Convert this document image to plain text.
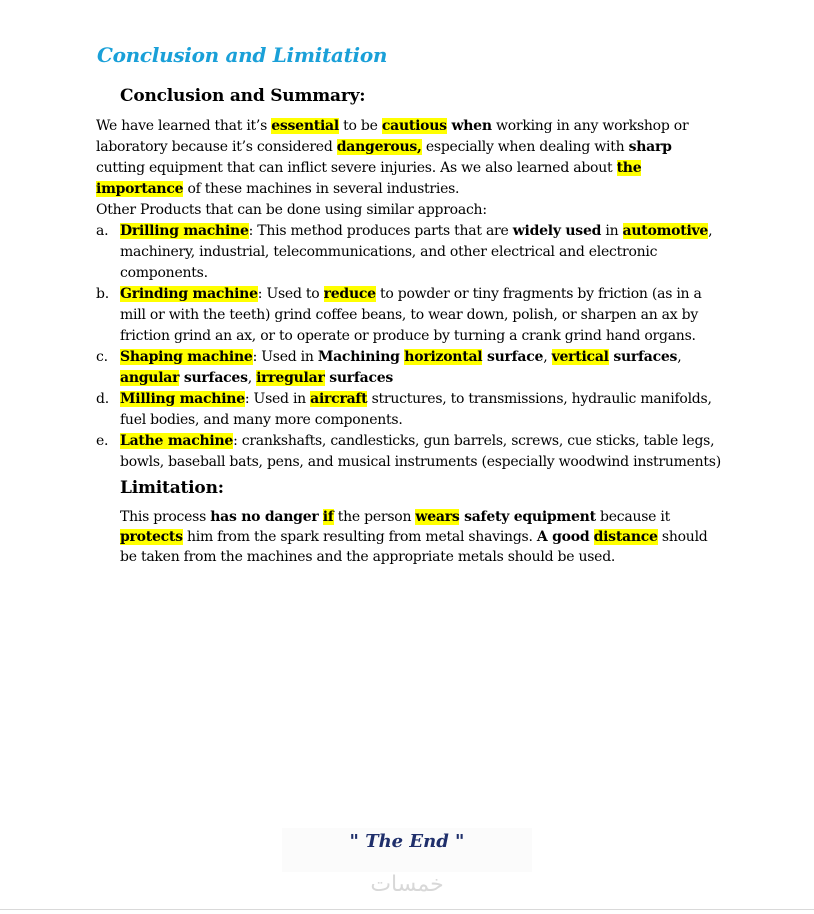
Conclusion and Limitation
Conclusion and Summary:

We have learned that it’s essential to be cautious when working in any workshop or laboratory because it’s considered dangerous, especially when dealing with sharp cutting equipment that can inflict severe injuries. As we also learned about the importance of these machines in several industries.

Other Products that can be done using similar approach:

a. Drilling machine: This method produces parts that are widely used in automotive, machinery, industrial, telecommunications, and other electrical and electronic components.
b. Grinding machine: Used to reduce to powder or tiny fragments by friction (as in a mill or with the teeth) grind coffee beans, to wear down, polish, or sharpen an ax by friction grind an ax, or to operate or produce by turning a crank grind hand organs.
c. Shaping machine: Used in Machining horizontal surface, vertical surfaces, angular surfaces, irregular surfaces
d. Milling machine: Used in aircraft structures, to transmissions, hydraulic manifolds, fuel bodies, and many more components.
e. Lathe machine: crankshafts, candlesticks, gun barrels, screws, cue sticks, table legs, bowls, baseball bats, pens, and musical instruments (especially woodwind instruments)
Limitation:
This process has no danger if the person wears safety equipment because it protects him from the spark resulting from metal shavings. A good distance should be taken from the machines and the appropriate metals should be used.
" The End "
خمسات
